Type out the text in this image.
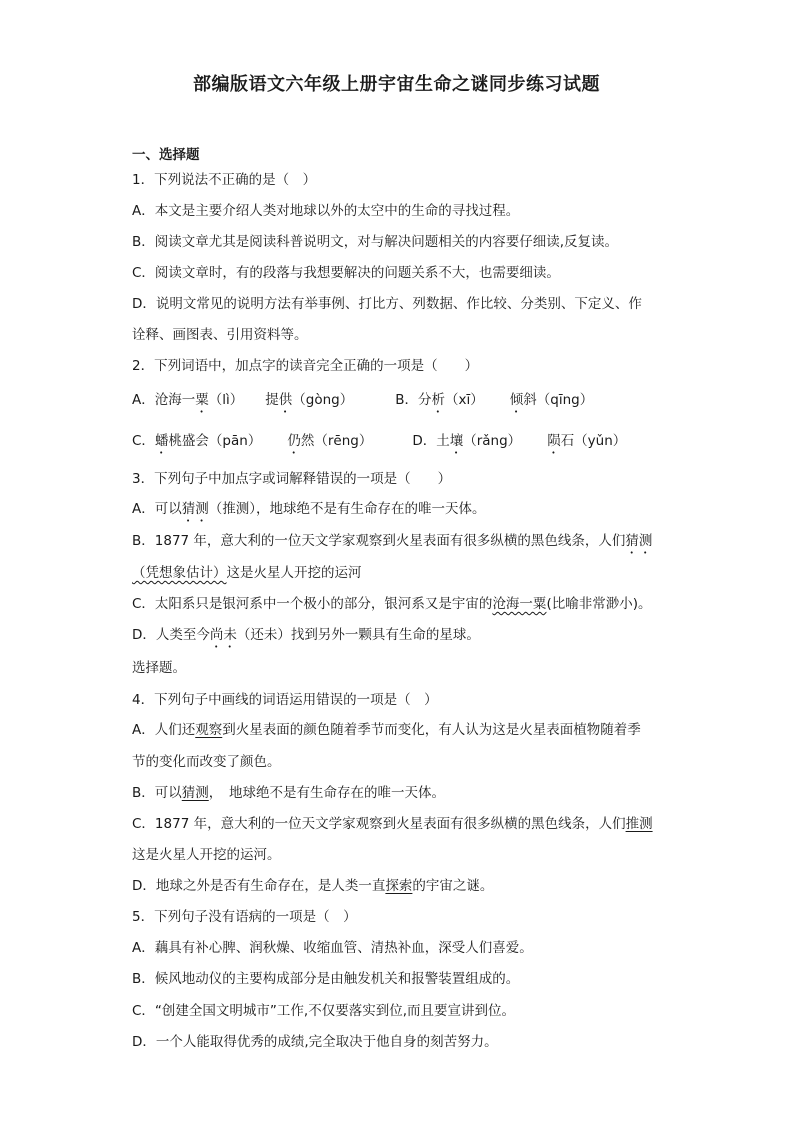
部编版语文六年级上册宇宙生命之谜同步练习试题
一、选择题
1．下列说法不正确的是（　）
A．本文是主要介绍人类对地球以外的太空中的生命的寻找过程。
B．阅读文章尤其是阅读科普说明文，对与解决问题相关的内容要仔细读,反复读。
C．阅读文章时，有的段落与我想要解决的问题关系不大，也需要细读。
D．说明文常见的说明方法有举事例、打比方、列数据、作比较、分类别、下定义、作
诠释、画图表、引用资料等。
2．下列词语中，加点字的读音完全正确的一项是（　　）
A．沧海一粟（lì） 提供（gòng）	B．分析（xī） 倾斜（qīng）
C．蟠桃盛会（pān） 仍然（rēng）	D．土壤（rǎng） 陨石（yǔn）
3．下列句子中加点字或词解释错误的一项是（　　）
A．可以猜测（推测），地球绝不是有生命存在的唯一天体。
B．1877 年，意大利的一位天文学家观察到火星表面有很多纵横的黑色线条，人们猜测
（凭想象估计）这是火星人开挖的运河
C．太阳系只是银河系中一个极小的部分，银河系又是宇宙的沧海一粟(比喻非常渺小)。
D．人类至今尚未（还未）找到另外一颗具有生命的星球。
选择题。
4．下列句子中画线的词语运用错误的一项是（　）
A．人们还观察到火星表面的颜色随着季节而变化，有人认为这是火星表面植物随着季
节的变化而改变了颜色。
B．可以猜测，　地球绝不是有生命存在的唯一天体。
C．1877 年，意大利的一位天文学家观察到火星表面有很多纵横的黑色线条，人们推测
这是火星人开挖的运河。
D．地球之外是否有生命存在，是人类一直探索的宇宙之谜。
5．下列句子没有语病的一项是（　）
A．藕具有补心脾、润秋燥、收缩血管、清热补血，深受人们喜爱。
B．候风地动仪的主要构成部分是由触发机关和报警装置组成的。
C．“创建全国文明城市”工作,不仅要落实到位,而且要宣讲到位。
D．一个人能取得优秀的成绩,完全取决于他自身的刻苦努力。
